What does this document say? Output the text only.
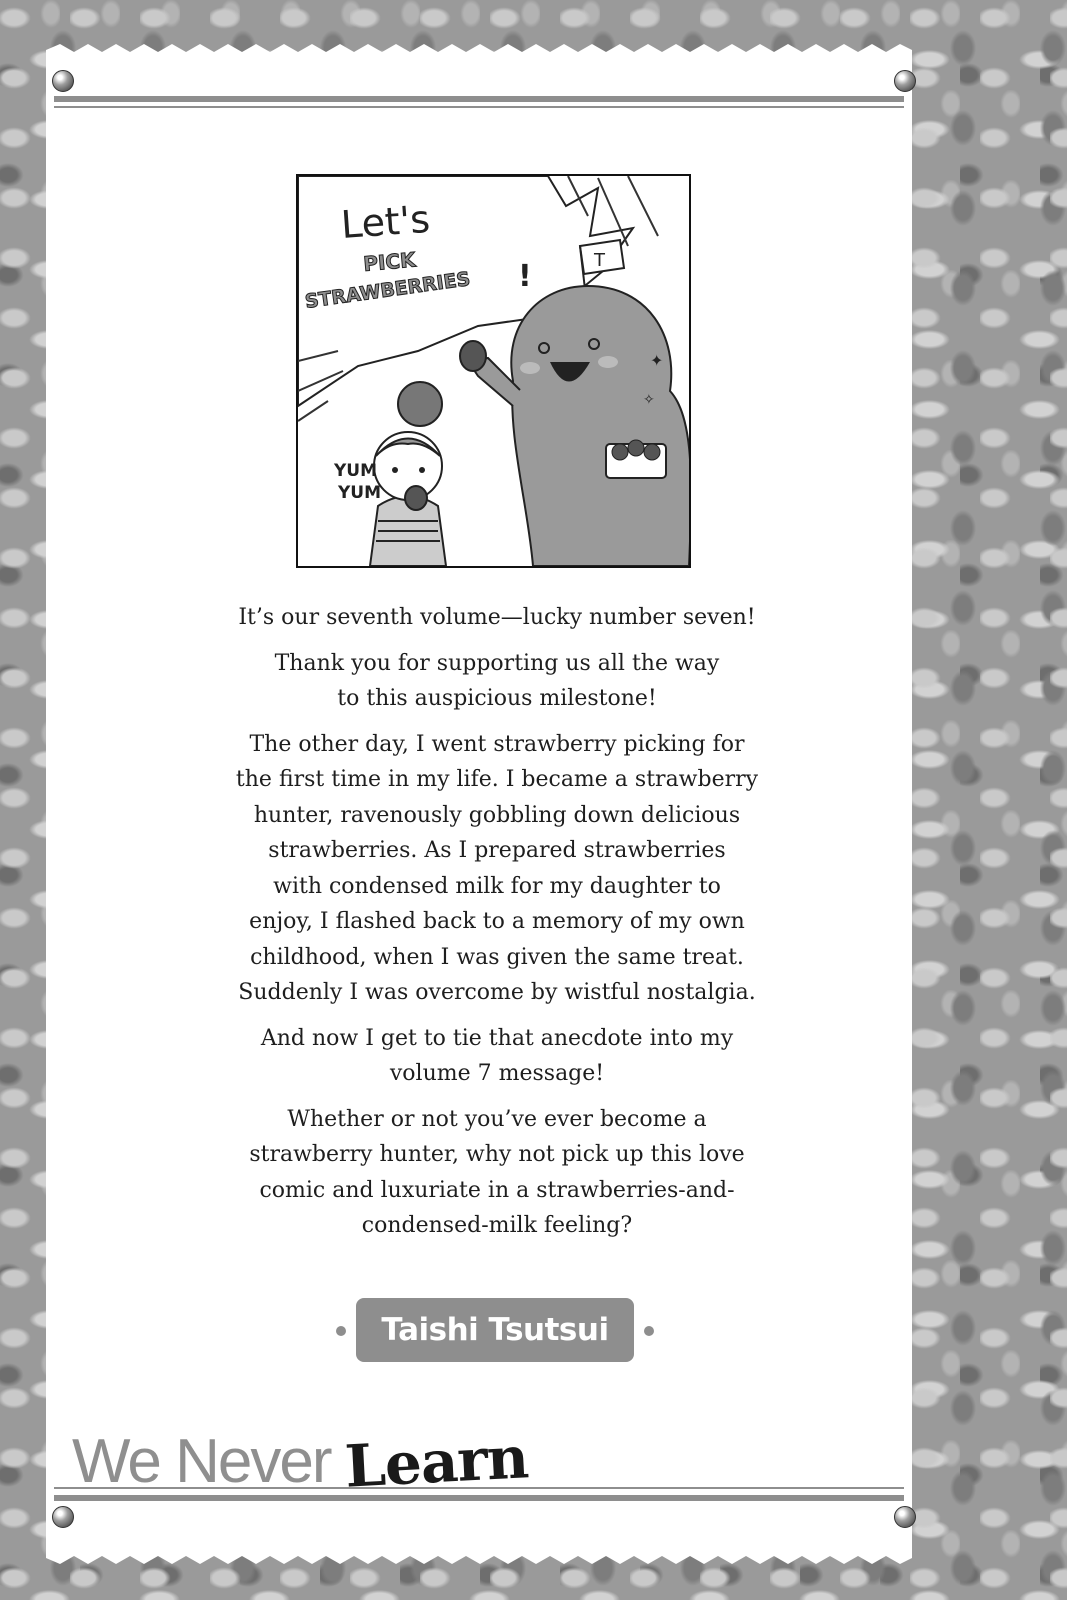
Let's
PICK
STRAWBERRIES !	T
✦
✧
YUM
YUM

It’s our seventh volume—lucky number seven!

Thank you for supporting us all the way
to this auspicious milestone!

The other day, I went strawberry picking for
the first time in my life. I became a strawberry
hunter, ravenously gobbling down delicious
strawberries. As I prepared strawberries
with condensed milk for my daughter to
enjoy, I flashed back to a memory of my own
childhood, when I was given the same treat.
Suddenly I was overcome by wistful nostalgia.

And now I get to tie that anecdote into my
volume 7 message!

Whether or not you’ve ever become a
strawberry hunter, why not pick up this love
comic and luxuriate in a strawberries-and-
condensed-milk feeling?

Taishi Tsutsui
We Never Learn
